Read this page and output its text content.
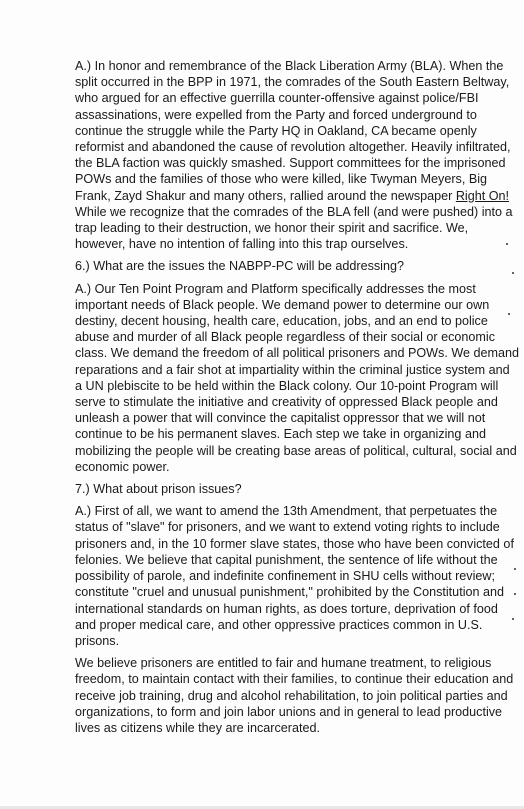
A.) In honor and remembrance of the Black Liberation Army (BLA). When the split occurred in the BPP in 1971, the comrades of the South Eastern Beltway, who argued for an effective guerrilla counter-offensive against police/FBI assassinations, were expelled from the Party and forced underground to continue the struggle while the Party HQ in Oakland, CA became openly reformist and abandoned the cause of revolution altogether. Heavily infiltrated, the BLA faction was quickly smashed. Support committees for the imprisoned POWs and the families of those who were killed, like Twyman Meyers, Big Frank, Zayd Shakur and many others, rallied around the newspaper Right On! While we recognize that the comrades of the BLA fell (and were pushed) into a trap leading to their destruction, we honor their spirit and sacrifice. We, however, have no intention of falling into this trap ourselves.

6.) What are the issues the NABPP-PC will be addressing?

A.) Our Ten Point Program and Platform specifically addresses the most important needs of Black people. We demand power to determine our own destiny, decent housing, health care, education, jobs, and an end to police abuse and murder of all Black people regardless of their social or economic class. We demand the freedom of all political prisoners and POWs. We demand reparations and a fair shot at impartiality within the criminal justice system and a UN plebiscite to be held within the Black colony. Our 10-point Program will serve to stimulate the initiative and creativity of oppressed Black people and unleash a power that will convince the capitalist oppressor that we will not continue to be his permanent slaves. Each step we take in organizing and mobilizing the people will be creating base areas of political, cultural, social and economic power.

7.) What about prison issues?

A.) First of all, we want to amend the 13th Amendment, that perpetuates the status of "slave" for prisoners, and we want to extend voting rights to include prisoners and, in the 10 former slave states, those who have been convicted of felonies. We believe that capital punishment, the sentence of life without the possibility of parole, and indefinite confinement in SHU cells without review; constitute "cruel and unusual punishment," prohibited by the Constitution and international standards on human rights, as does torture, deprivation of food and proper medical care, and other oppressive practices common in U.S. prisons.

We believe prisoners are entitled to fair and humane treatment, to religious freedom, to maintain contact with their families, to continue their education and receive job training, drug and alcohol rehabilitation, to join political parties and organizations, to form and join labor unions and in general to lead productive lives as citizens while they are incarcerated.
